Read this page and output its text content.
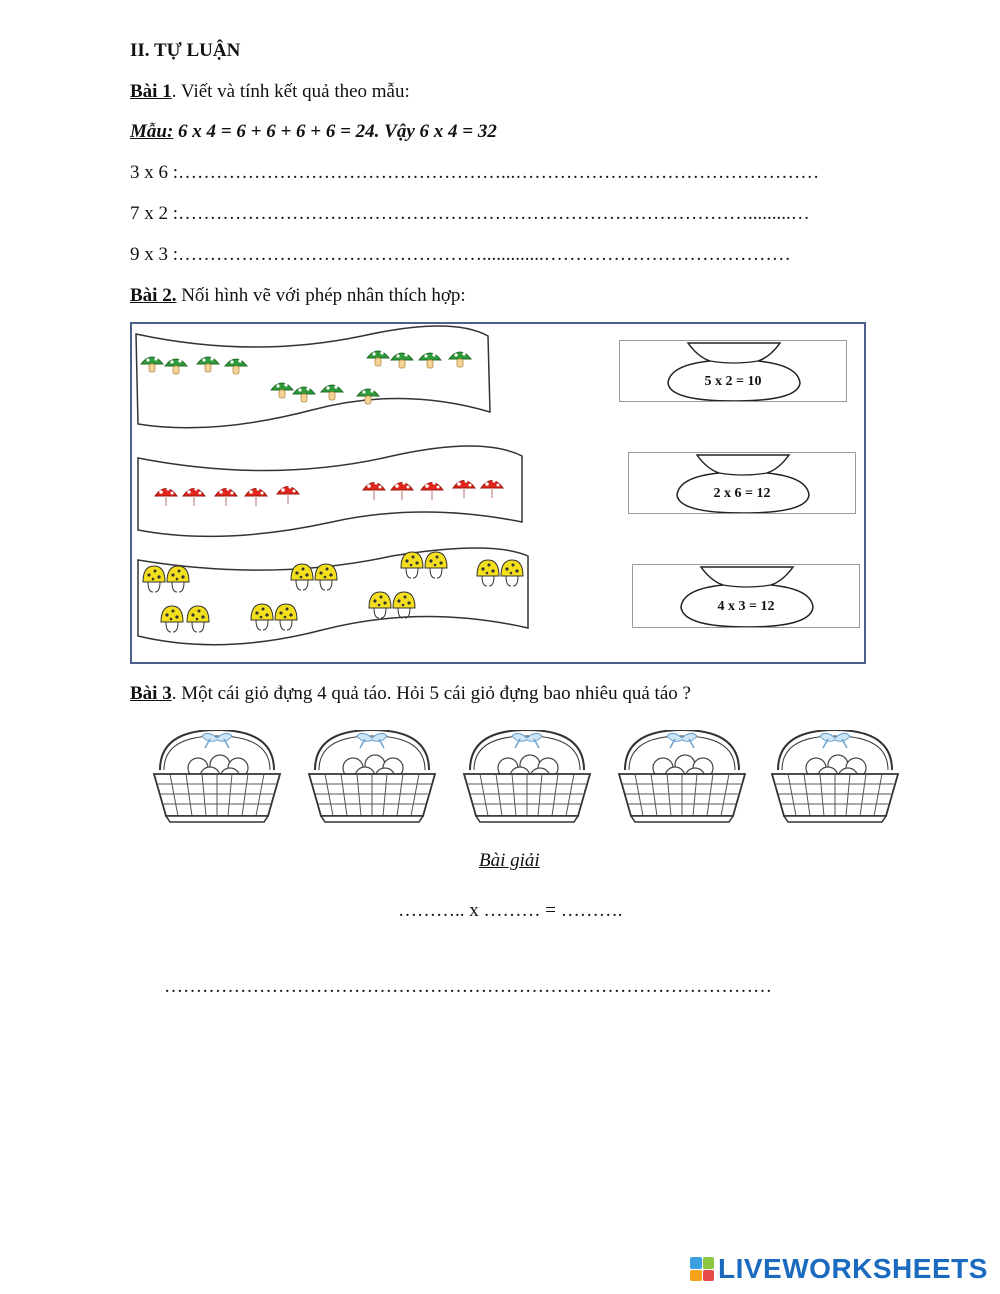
II. TỰ LUẬN
Bài 1. Viết và tính kết quả theo mẫu:
Mẫu: 6 x 4 = 6 + 6 + 6 + 6 = 24. Vậy 6 x 4 = 32
3 x 6 :……………………………………………...…………………………………………
7 x 2 :……………………………………………………………………………….........…
9 x 3 :………………………………………….............…………………………………
Bài 2. Nối hình vẽ với phép nhân thích hợp:
5 x 2 = 10
2 x 6 = 12
4 x 3 = 12
Bài 3. Một cái giỏ đựng 4 quả táo. Hỏi 5 cái giỏ đựng bao nhiêu quả táo ?
Bài giải
……….. x ……… = ……….
……………………………………………………………………………………
LIVEWORKSHEETS
